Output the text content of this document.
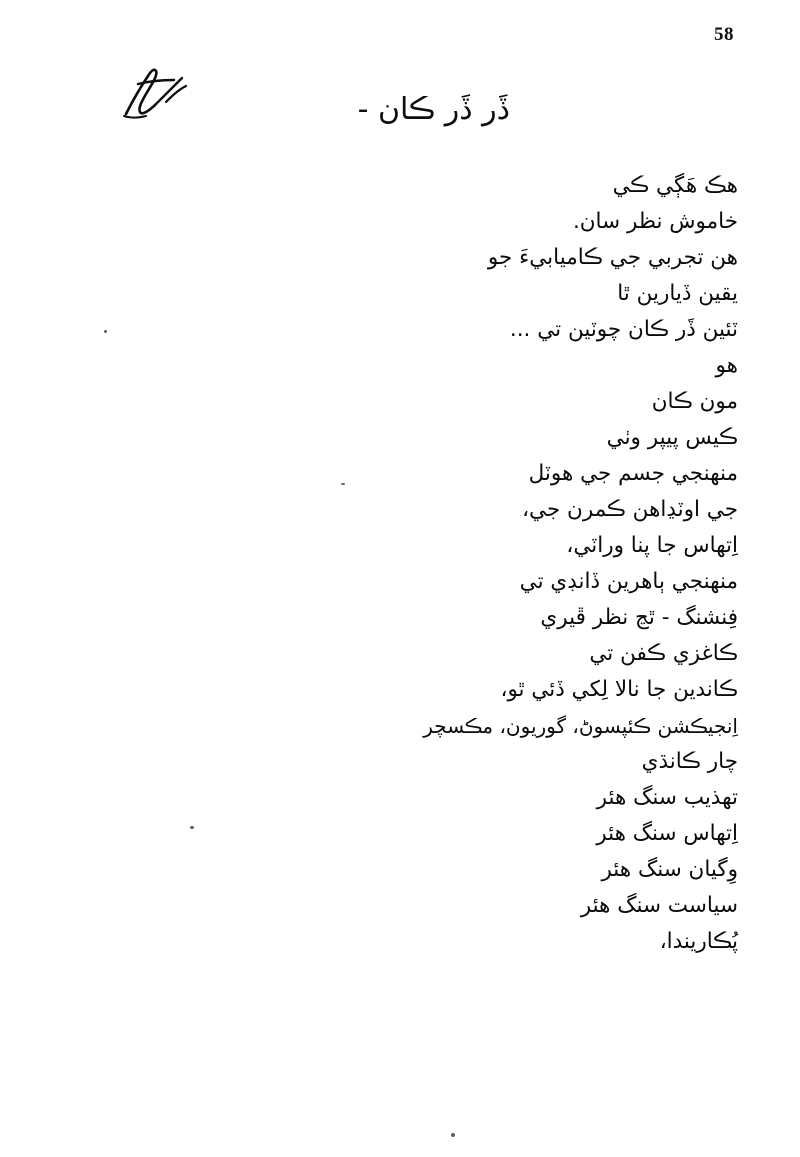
58
ڏَر ڏَر ڪان -
هڪ هَڳي ڪي
خاموش نظر سان.
هن تجربي جي ڪاميابيءَ جو
يقين ڏيارين ٿا
ٽئين ڏَر ڪان چوٽين تي ...
هو
مون ڪان
ڪيس پيپر وٺي
منهنجي جسم جي هوٽل
جي اوٽڍاهن ڪمرن جي،
اِتهاس جا پنا وراٽي،
منهنجي ٻاهرين ڏانڊي تي
فِنشنگ - ٿڃ نظر ڦيري
ڪاغزي ڪفن تي
ڪاندين جا نالا لِکي ڏئي ٿو،
اِنجيڪشن ڪئپسوڻ، گوريون، مڪسچر
چار ڪانڌي
تهذيب سنگ هئر
اِتهاس سنگ هئر
وِگيان سنگ هئر
سياست سنگ هئر
پُڪاريندا،
